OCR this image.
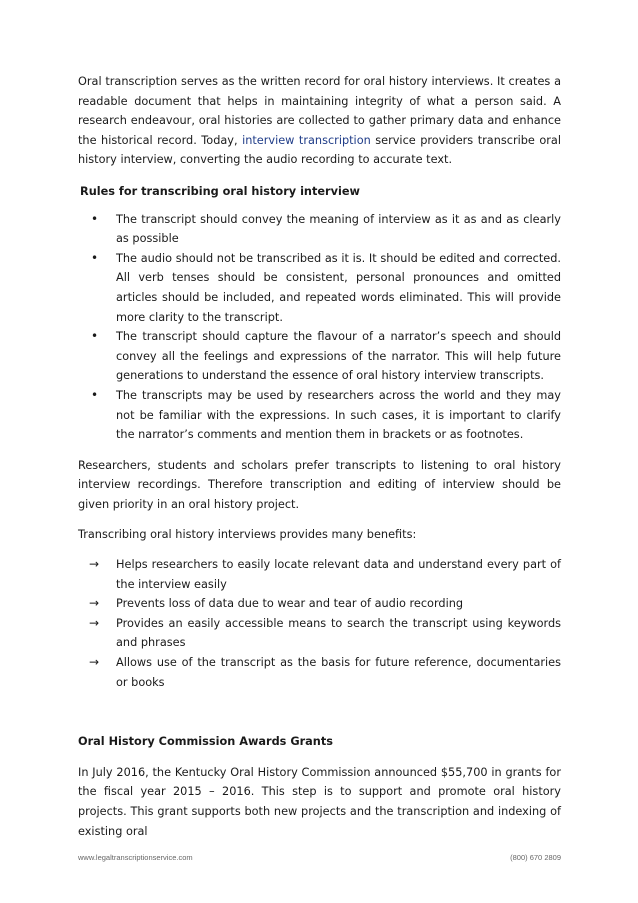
Oral transcription serves as the written record for oral history interviews. It creates a readable document that helps in maintaining integrity of what a person said. A research endeavour, oral histories are collected to gather primary data and enhance the historical record. Today, interview transcription service providers transcribe oral history interview, converting the audio recording to accurate text.

Rules for transcribing oral history interview

• The transcript should convey the meaning of interview as it as and as clearly as possible
• The audio should not be transcribed as it is. It should be edited and corrected. All verb tenses should be consistent, personal pronounces and omitted articles should be included, and repeated words eliminated. This will provide more clarity to the transcript.
• The transcript should capture the flavour of a narrator’s speech and should convey all the feelings and expressions of the narrator. This will help future generations to understand the essence of oral history interview transcripts.
• The transcripts may be used by researchers across the world and they may not be familiar with the expressions. In such cases, it is important to clarify the narrator’s comments and mention them in brackets or as footnotes.

Researchers, students and scholars prefer transcripts to listening to oral history interview recordings. Therefore transcription and editing of interview should be given priority in an oral history project.

Transcribing oral history interviews provides many benefits:

→ Helps researchers to easily locate relevant data and understand every part of the interview easily
→ Prevents loss of data due to wear and tear of audio recording
→ Provides an easily accessible means to search the transcript using keywords and phrases
→ Allows use of the transcript as the basis for future reference, documentaries or books

Oral History Commission Awards Grants

In July 2016, the Kentucky Oral History Commission announced $55,700 in grants for the fiscal year 2015 – 2016. This step is to support and promote oral history projects. This grant supports both new projects and the transcription and indexing of existing oral

www.legaltranscriptionservice.com	(800) 670 2809
